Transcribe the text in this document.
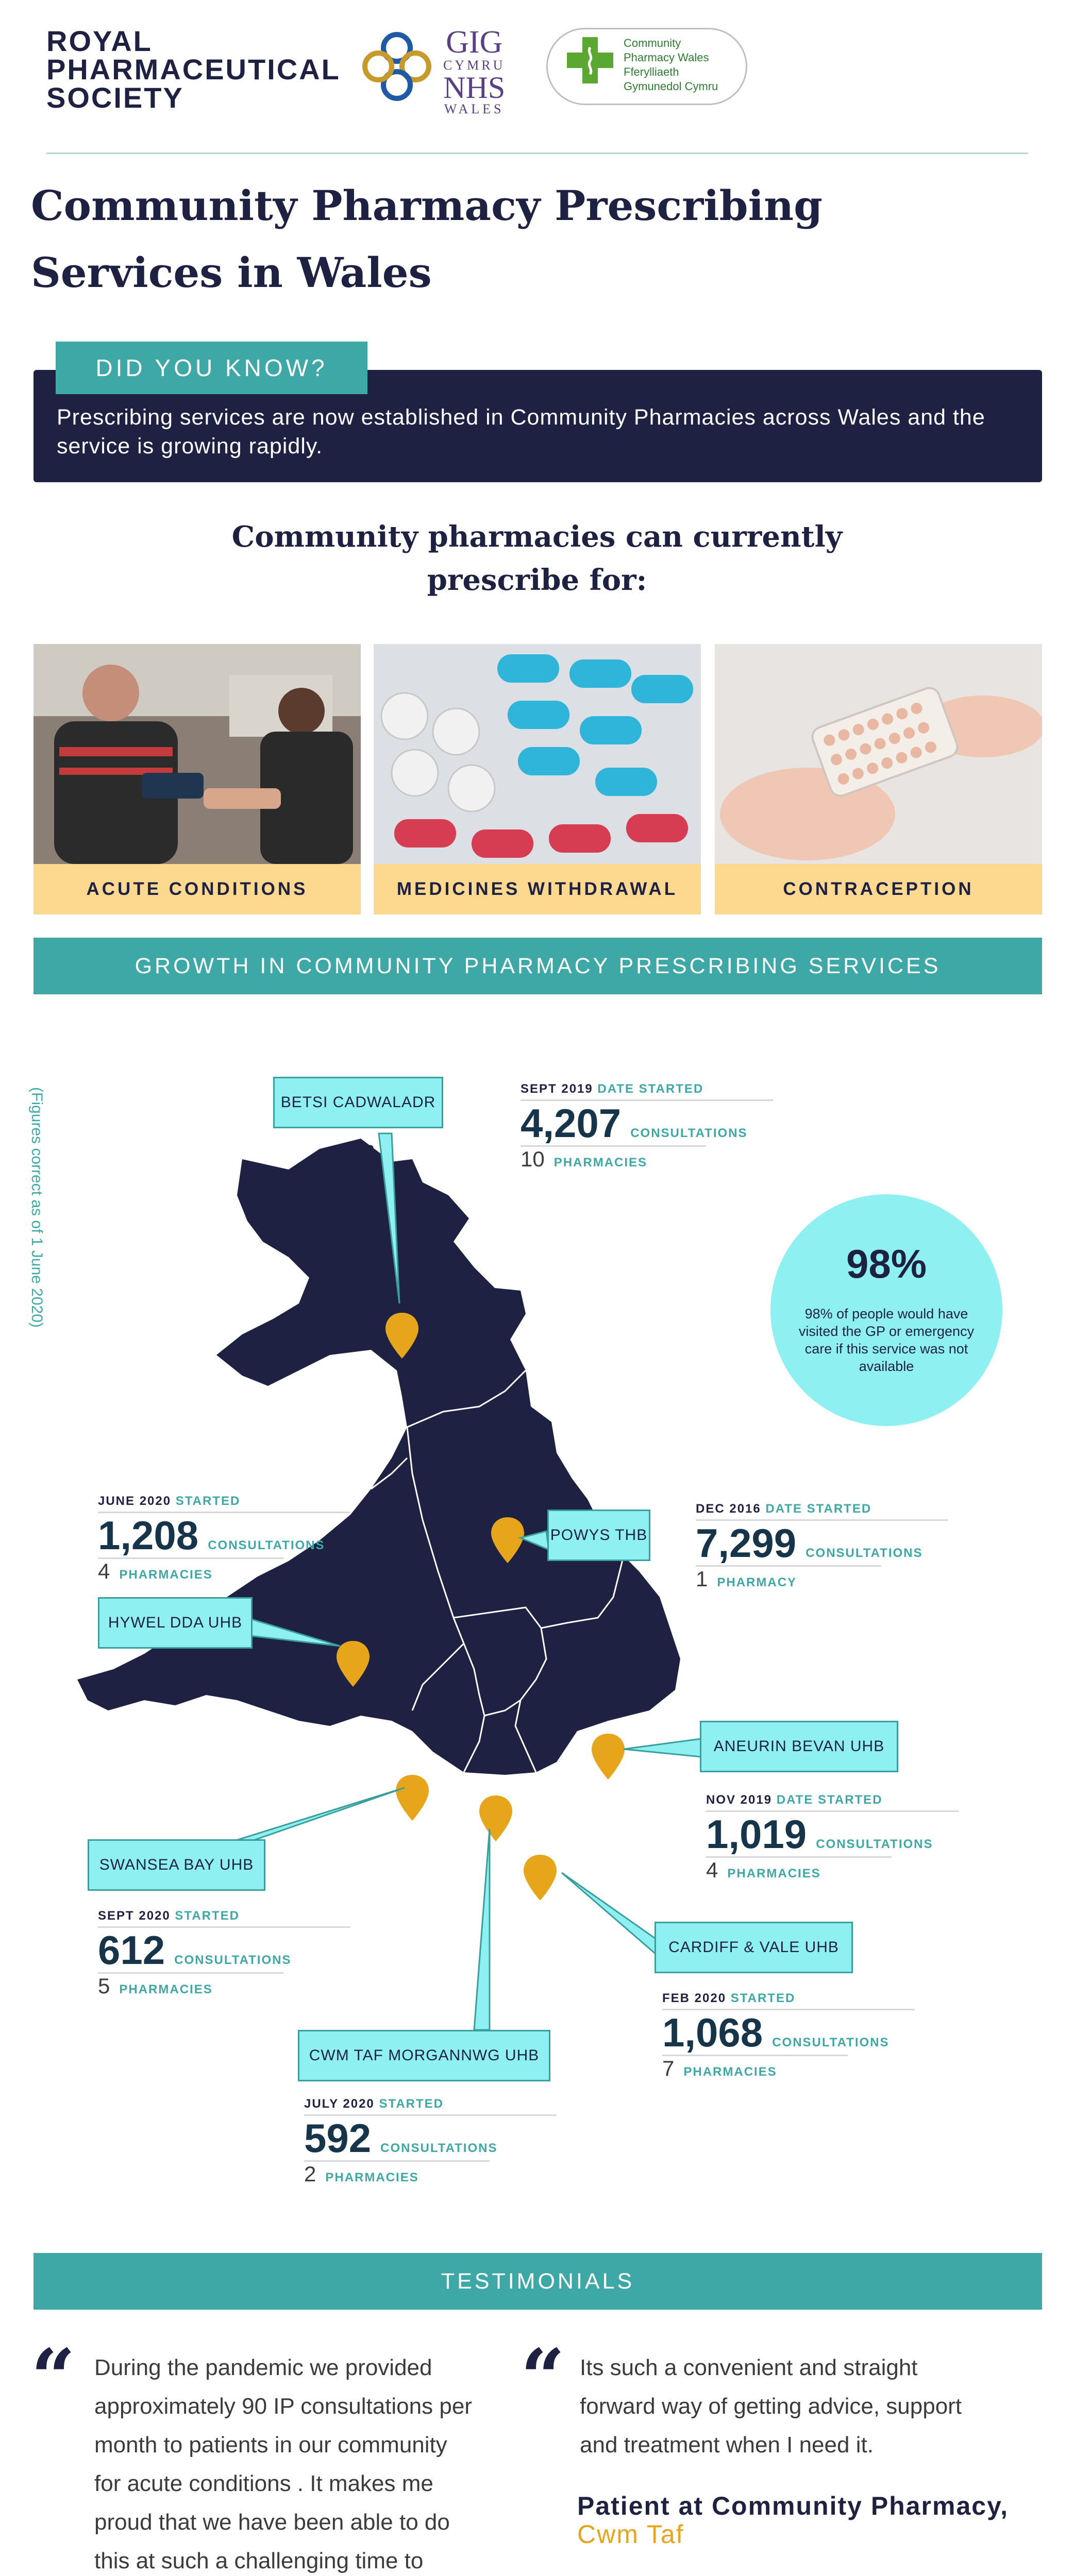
ROYAL
PHARMACEUTICAL
SOCIETY
GIG
CYMRU
NHS
WALES
Community
Pharmacy Wales
Fferylliaeth
Gymunedol Cymru
Community Pharmacy Prescribing Services in Wales
DID YOU KNOW?
Prescribing services are now established in Community Pharmacies across Wales and the service is growing rapidly.
Community pharmacies can currently prescribe for:
ACUTE CONDITIONS	MEDICINES WITHDRAWAL	CONTRACEPTION
GROWTH IN COMMUNITY PHARMACY PRESCRIBING SERVICES
(Figures correct as of 1 June 2020)	BETSI CADWALADR UHB
POWYS THB
HYWEL DDA UHB
ANEURIN BEVAN UHB
SWANSEA BAY UHB
CARDIFF & VALE UHB
CWM TAF MORGANNWG UHB
98%
98% of people would have visited the GP or emergency care if this service was not available
SEPT 2019 DATE STARTED
4,207 CONSULTATIONS
10 PHARMACIES
DEC 2016 DATE STARTED
7,299 CONSULTATIONS
1 PHARMACY
JUNE 2020 STARTED
1,208 CONSULTATIONS
4 PHARMACIES
NOV 2019 DATE STARTED
1,019 CONSULTATIONS
4 PHARMACIES
SEPT 2020 STARTED
612 CONSULTATIONS
5 PHARMACIES
FEB 2020 STARTED
1,068 CONSULTATIONS
7 PHARMACIES
JULY 2020 STARTED
592 CONSULTATIONS
2 PHARMACIES
TESTIMONIALS
“ During the pandemic we provided
approximately 90 IP consultations per
month to patients in our community
for acute conditions . It makes me
proud that we have been able to do
this at such a challenging time to
“ Its such a convenient and straight
forward way of getting advice, support
and treatment when I need it.
Patient at Community Pharmacy,
Cwm Taf
